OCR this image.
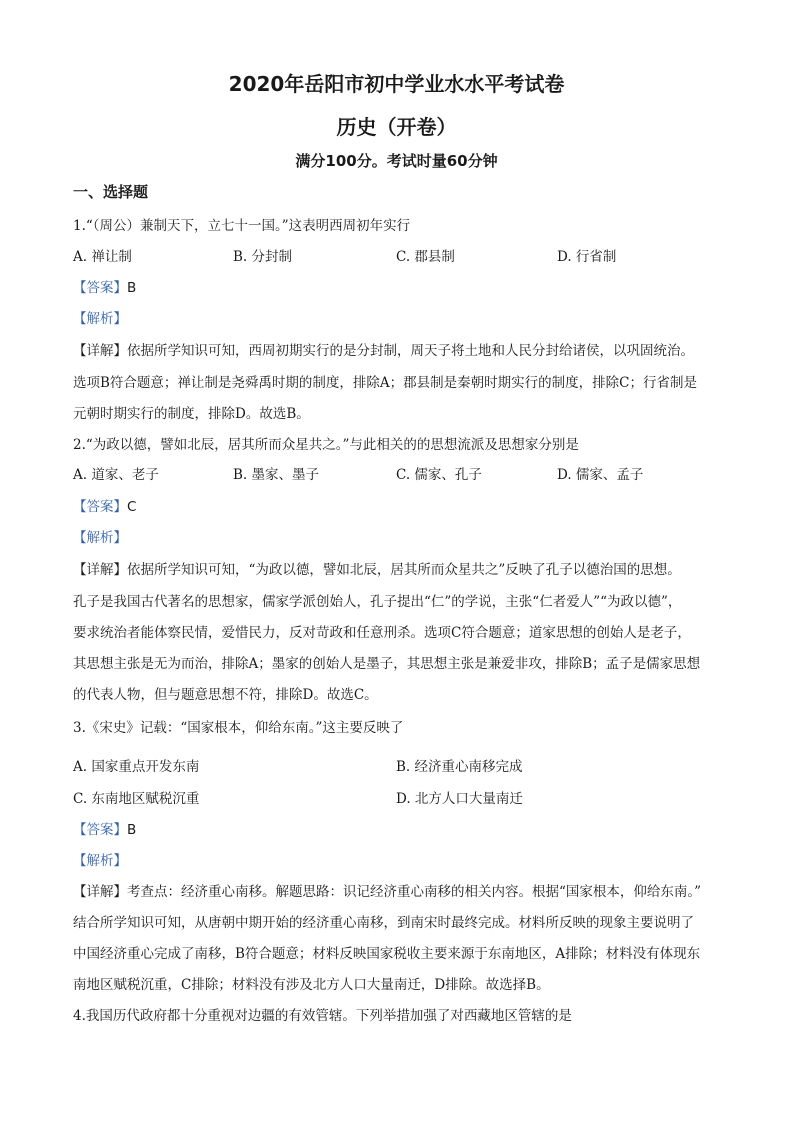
2020年岳阳市初中学业水水平考试卷
历史（开卷）
满分100分。考试时量60分钟
一、选择题
1.“（周公）兼制天下，立七十一国。”这表明西周初年实行
A. 禅让制	B. 分封制	C. 郡县制	D. 行省制
【答案】B
【解析】
【详解】依据所学知识可知，西周初期实行的是分封制，周天子将土地和人民分封给诸侯，以巩固统治。
选项B符合题意；禅让制是尧舜禹时期的制度，排除A；郡县制是秦朝时期实行的制度，排除C；行省制是
元朝时期实行的制度，排除D。故选B。
2.“为政以德，譬如北辰，居其所而众星共之。”与此相关的的思想流派及思想家分别是
A. 道家、老子	B. 墨家、墨子	C. 儒家、孔子	D. 儒家、孟子
【答案】C
【解析】
【详解】依据所学知识可知，“为政以德，譬如北辰，居其所而众星共之”反映了孔子以德治国的思想。
孔子是我国古代著名的思想家，儒家学派创始人，孔子提出“仁”的学说，主张“仁者爱人”“为政以德”，
要求统治者能体察民情，爱惜民力，反对苛政和任意刑杀。选项C符合题意；道家思想的创始人是老子，
其思想主张是无为而治，排除A；墨家的创始人是墨子，其思想主张是兼爱非攻，排除B；孟子是儒家思想
的代表人物，但与题意思想不符，排除D。故选C。
3.《宋史》记载：“国家根本，仰给东南。”这主要反映了
A. 国家重点开发东南	B. 经济重心南移完成
C. 东南地区赋税沉重	D. 北方人口大量南迁
【答案】B
【解析】
【详解】考查点：经济重心南移。解题思路：识记经济重心南移的相关内容。根据“国家根本，仰给东南。”
结合所学知识可知，从唐朝中期开始的经济重心南移，到南宋时最终完成。材料所反映的现象主要说明了
中国经济重心完成了南移，B符合题意；材料反映国家税收主要来源于东南地区，A排除；材料没有体现东
南地区赋税沉重，C排除；材料没有涉及北方人口大量南迁，D排除。故选择B。
4.我国历代政府都十分重视对边疆的有效管辖。下列举措加强了对西藏地区管辖的是
